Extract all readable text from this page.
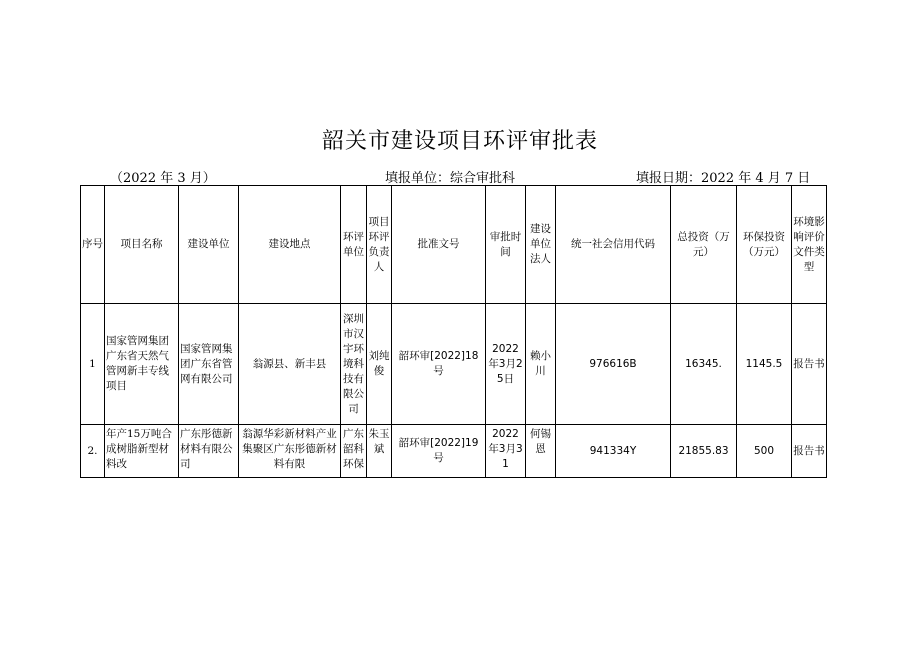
韶关市建设项目环评审批表
（2022 年 3 月）	填报单位：综合审批科	填报日期：2022 年 4 月 7 日
序号	项目名称	建设单位	建设地点	环评单位	项目环评负责人	批准文号	审批时间	建设单位法人	统一社会信用代码	总投资（万元）	环保投资（万元）	环境影响评价文件类型
1	国家管网集团广东省天然气管网新丰专线项目	国家管网集团广东省管网有限公司	翁源县、新丰县	深圳市汉宇环境科技有限公司	刘纯俊	韶环审[2022]18 号	2022年3月25日	赖小川	976616B	16345.	1145.5	报告书

2.	年产15万吨合成树脂新型材料改	广东彤德新材料有限公司	翁源华彩新材料产业集聚区广东彤德新材料有限	广东韶科环保	朱玉斌	韶环审[2022]19 号	2022年3月31	何锡恩	941334Y	21855.83	500	报告书
